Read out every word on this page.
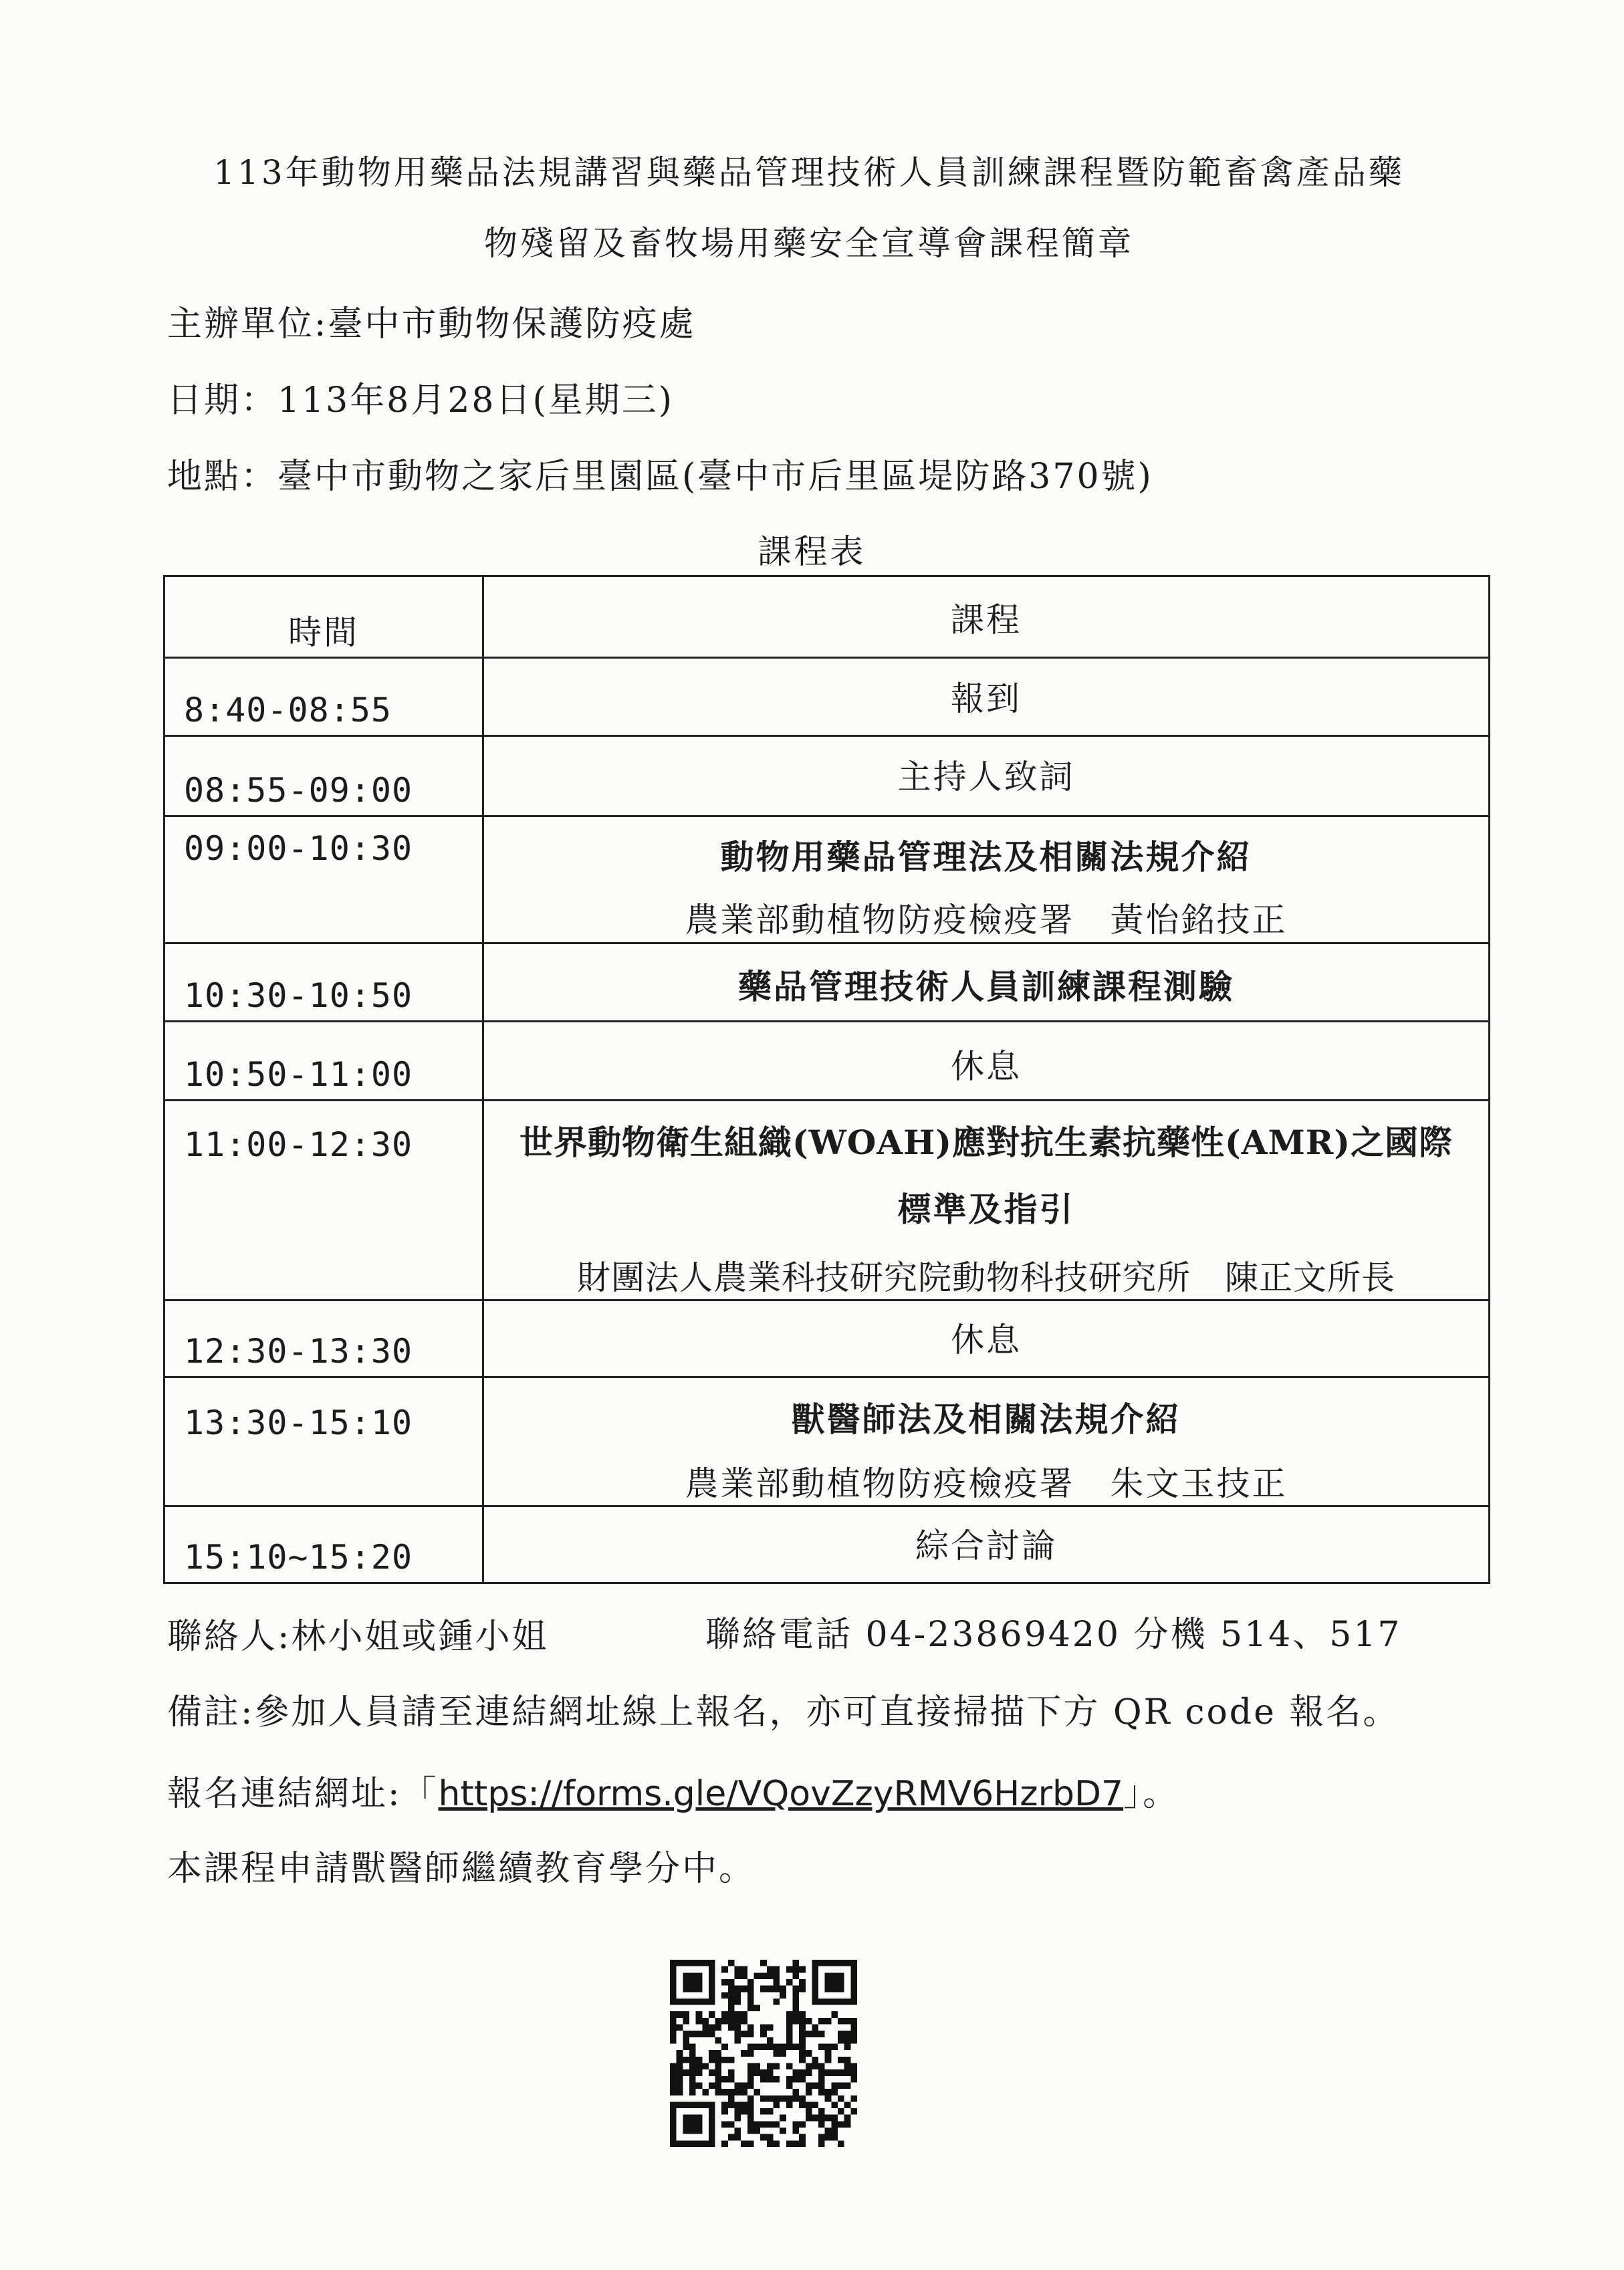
113年動物用藥品法規講習與藥品管理技術人員訓練課程暨防範畜禽產品藥
物殘留及畜牧場用藥安全宣導會課程簡章
主辦單位:臺中市動物保護防疫處
日期：113年8月28日(星期三)
地點：臺中市動物之家后里園區(臺中市后里區堤防路370號)
課程表
時間	課程

8:40-08:55	報到

08:55-09:00	主持人致詞

09:00-10:30	動物用藥品管理法及相關法規介紹
農業部動植物防疫檢疫署　黃怡銘技正

10:30-10:50	藥品管理技術人員訓練課程測驗

10:50-11:00	休息

11:00-12:30	世界動物衛生組織(WOAH)應對抗生素抗藥性(AMR)之國際
標準及指引
財團法人農業科技研究院動物科技研究所　陳正文所長

12:30-13:30	休息

13:30-15:10	獸醫師法及相關法規介紹
農業部動植物防疫檢疫署　朱文玉技正

15:10~15:20	綜合討論
聯絡人:林小姐或鍾小姐	聯絡電話 04-23869420 分機 514、517
備註:參加人員請至連結網址線上報名，亦可直接掃描下方 QR code 報名。
報名連結網址:「https://forms.gle/VQovZzyRMV6HzrbD7」。
本課程申請獸醫師繼續教育學分中。
